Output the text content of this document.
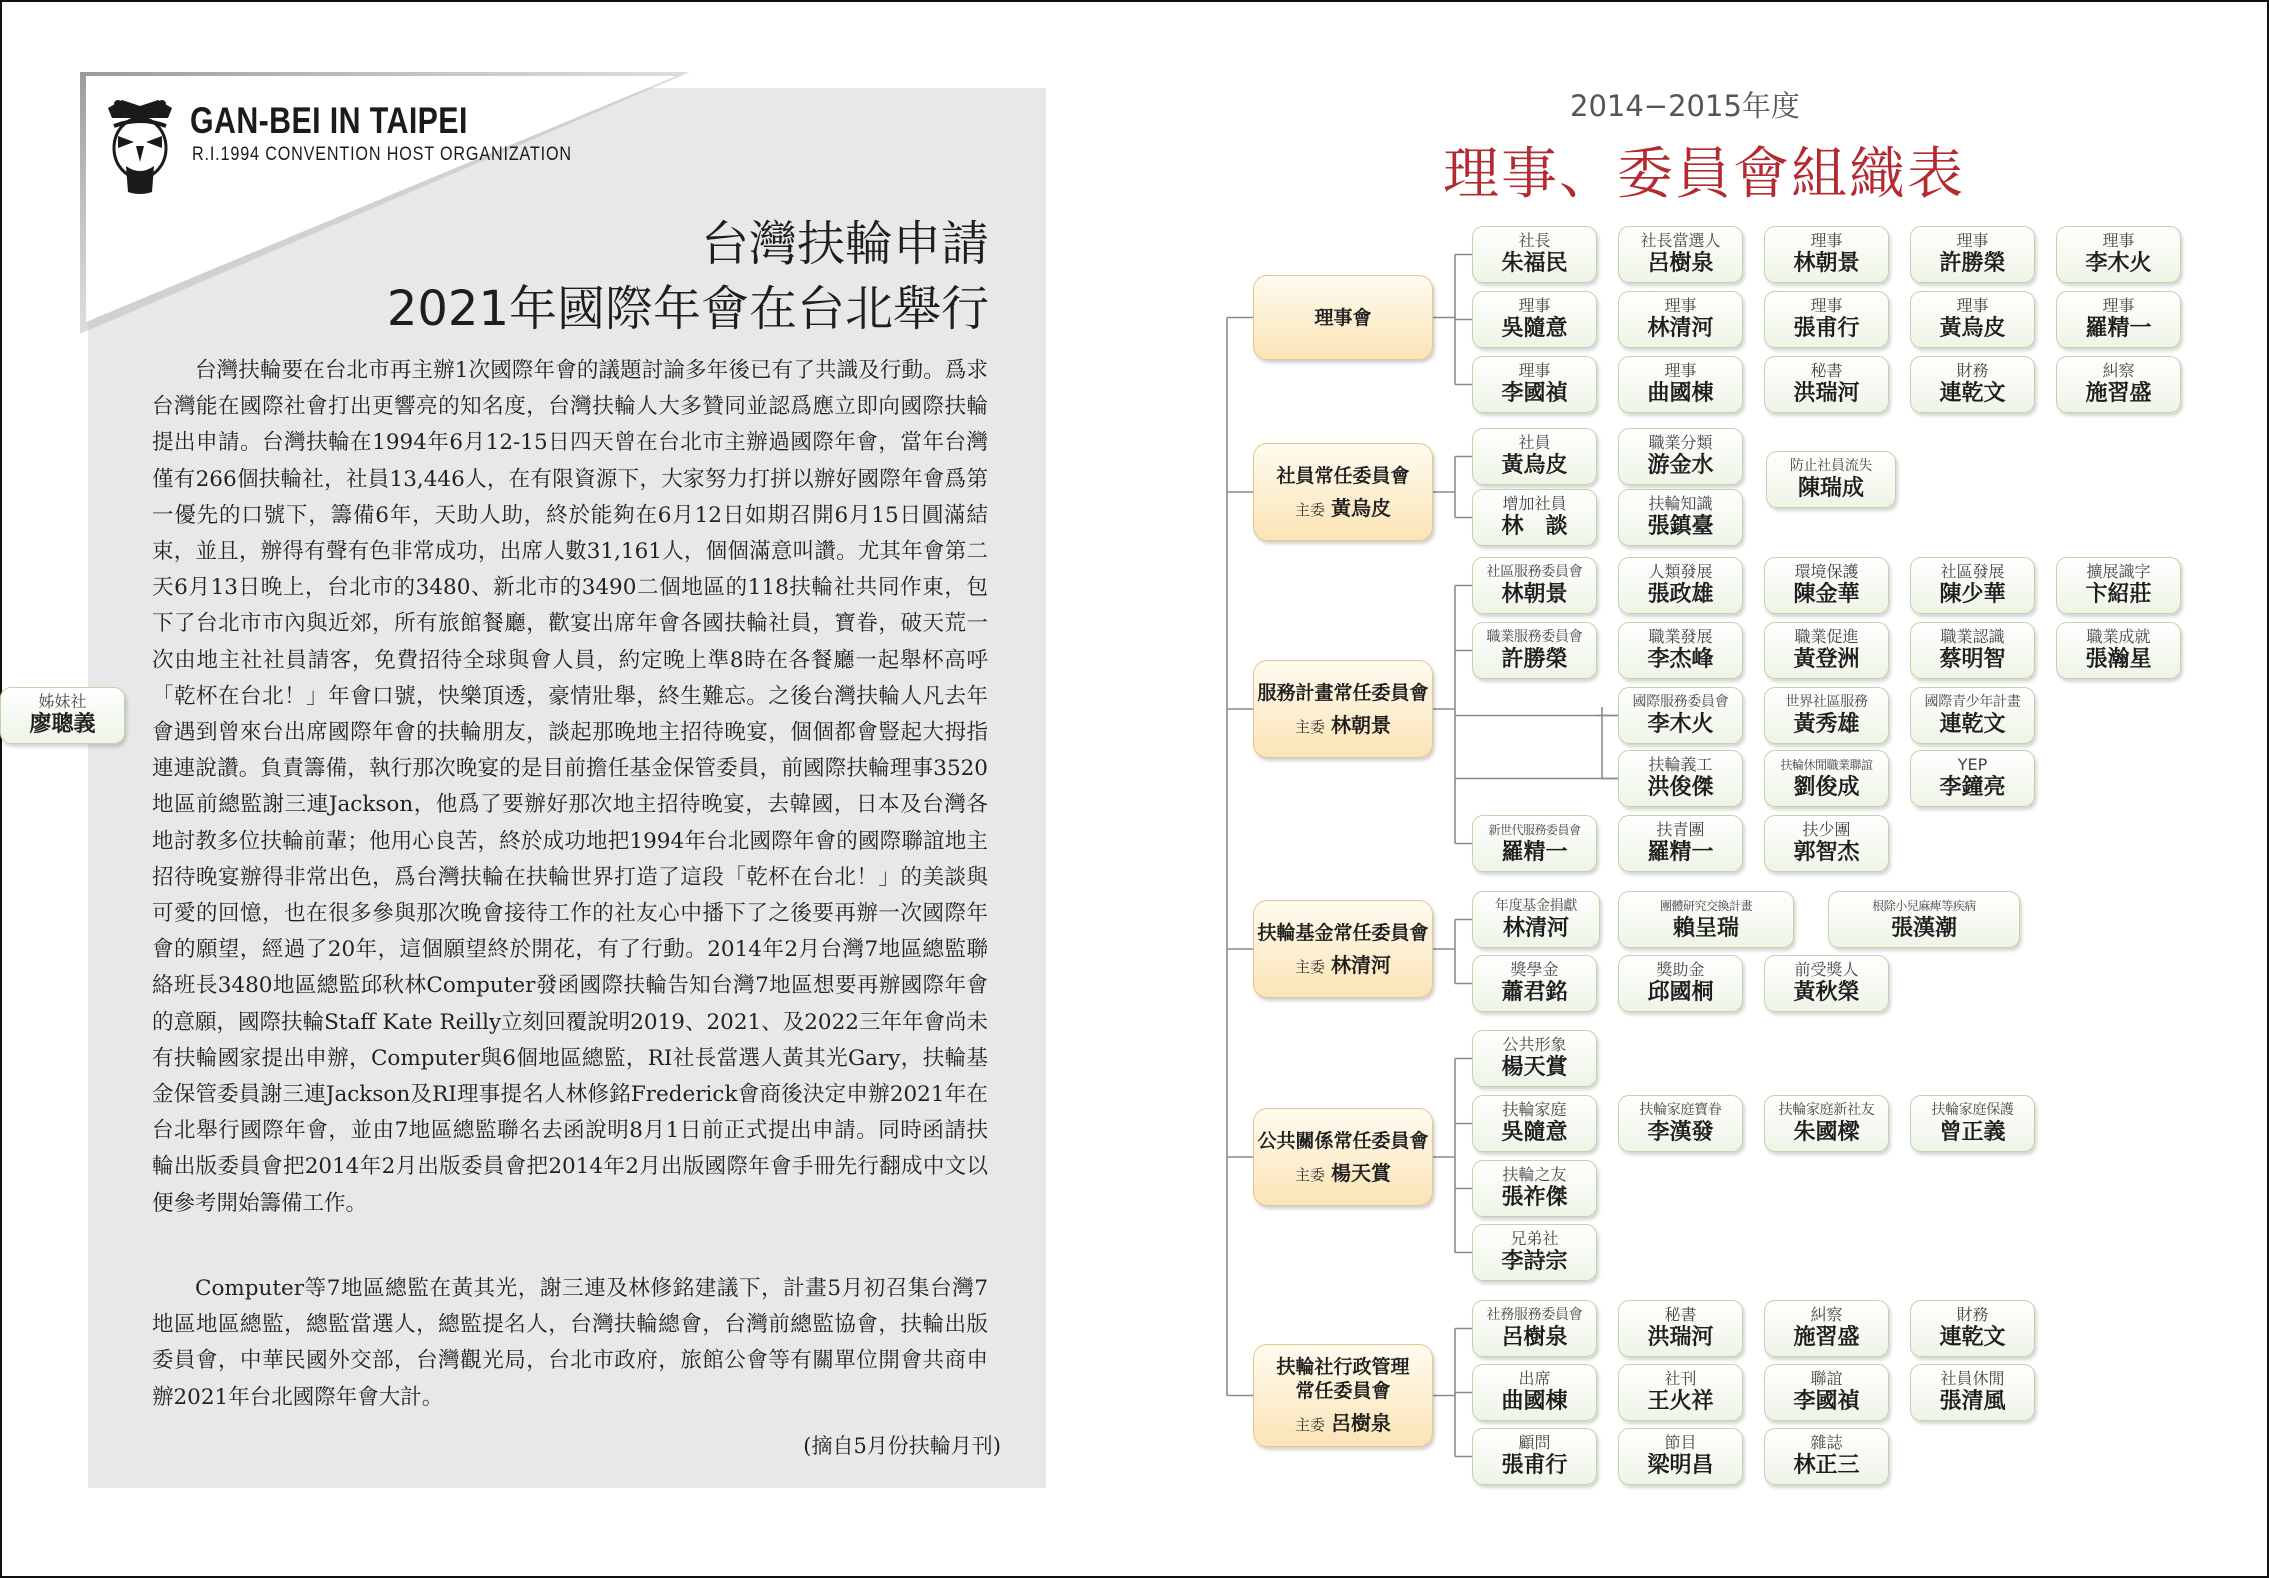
GAN-BEI IN TAIPEI
R.I.1994 CONVENTION HOST ORGANIZATION
台灣扶輪申請
2021年國際年會在台北舉行

台灣扶輪要在台北市再主辦1次國際年會的議題討論多年後已有了共識及行動。爲求台灣能在國際社會打出更響亮的知名度，台灣扶輪人大多贊同並認爲應立即向國際扶輪提出申請。台灣扶輪在1994年6月12-15日四天曾在台北市主辦過國際年會，當年台灣僅有266個扶輪社，社員13,446人，在有限資源下，大家努力打拼以辦好國際年會爲第一優先的口號下，籌備6年，天助人助，終於能夠在6月12日如期召開6月15日圓滿結束，並且，辦得有聲有色非常成功，出席人數31,161人，個個滿意叫讚。尤其年會第二天6月13日晚上，台北市的3480、新北市的3490二個地區的118扶輪社共同作東，包下了台北市市內與近郊，所有旅館餐廳，歡宴出席年會各國扶輪社員，寶眷，破天荒一次由地主社社員請客，免費招待全球與會人員，約定晚上準8時在各餐廳一起舉杯高呼「乾杯在台北！」年會口號，快樂頂透，豪情壯舉，終生難忘。之後台灣扶輪人凡去年會遇到曾來台出席國際年會的扶輪朋友，談起那晚地主招待晚宴，個個都會豎起大拇指連連說讚。負責籌備，執行那次晚宴的是目前擔任基金保管委員，前國際扶輪理事3520地區前總監謝三連Jackson，他爲了要辦好那次地主招待晚宴，去韓國，日本及台灣各地討教多位扶輪前輩；他用心良苦，終於成功地把1994年台北國際年會的國際聯誼地主招待晚宴辦得非常出色，爲台灣扶輪在扶輪世界打造了這段「乾杯在台北！」的美談與可愛的回憶，也在很多參與那次晚會接待工作的社友心中播下了之後要再辦一次國際年會的願望，經過了20年，這個願望終於開花，有了行動。2014年2月台灣7地區總監聯絡班長3480地區總監邱秋林Computer發函國際扶輪告知台灣7地區想要再辦國際年會的意願，國際扶輪Staff Kate Reilly立刻回覆說明2019、2021、及2022三年年會尚未有扶輪國家提出申辦，Computer與6個地區總監，RI社長當選人黃其光Gary，扶輪基金保管委員謝三連Jackson及RI理事提名人林修銘Frederick會商後決定申辦2021年在台北舉行國際年會，並由7地區總監聯名去函說明8月1日前正式提出申請。同時函請扶輪出版委員會把2014年2月出版委員會把2014年2月出版國際年會手冊先行翻成中文以便參考開始籌備工作。

Computer等7地區總監在黃其光，謝三連及林修銘建議下，計畫5月初召集台灣7地區地區總監，總監當選人，總監提名人，台灣扶輪總會，台灣前總監協會，扶輪出版委員會，中華民國外交部，台灣觀光局，台北市政府，旅館公會等有關單位開會共商申辦2021年台北國際年會大計。

(摘自5月份扶輪月刊)
2014−2015年度
理事、委員會組織表
理事會
社長
朱福民
社長當選人
呂樹泉
理事
林朝景
理事
許勝榮
理事
李木火
理事
吳隨意
理事
林清河
理事
張甫行
理事
黃烏皮
理事
羅精一
理事
李國禎
理事
曲國棟
秘書
洪瑞河
財務
連乾文
糾察
施習盛
社員常任委員會
主委 黃烏皮
社員
黃烏皮
職業分類
游金水
增加社員
林　談
扶輪知識
張鎮臺
防止社員流失
陳瑞成
服務計畫常任委員會
主委 林朝景
社區服務委員會
林朝景
人類發展
張政雄
環境保護
陳金華
社區發展
陳少華
擴展識字
卞紹莊
職業服務委員會
許勝榮
職業發展
李杰峰
職業促進
黃登洲
職業認識
蔡明智
職業成就
張瀚星
國際服務委員會
李木火
世界社區服務
黃秀雄
國際青少年計畫
連乾文
姊妹社
廖聰義
扶輪義工
洪俊傑
扶輪休閒職業聯誼
劉俊成
YEP
李鐘亮
新世代服務委員會
羅精一
扶青團
羅精一
扶少團
郭智杰
扶輪基金常任委員會
主委 林清河
年度基金捐獻
林清河
團體研究交換計畫
賴呈瑞
根除小兒麻痺等疾病
張漢潮
獎學金
蕭君銘
獎助金
邱國桐
前受獎人
黃秋榮
公共關係常任委員會
主委 楊天賞
公共形象
楊天賞
扶輪家庭
吳隨意
扶輪家庭寶眷
李漢發
扶輪家庭新社友
朱國樑
扶輪家庭保護
曾正義
扶輪之友
張祚傑
兄弟社
李詩宗
扶輪社行政管理
常任委員會
主委 呂樹泉
社務服務委員會
呂樹泉
秘書
洪瑞河
糾察
施習盛
財務
連乾文
出席
曲國棟
社刊
王火祥
聯誼
李國禎
社員休閒
張清風
顧問
張甫行
節目
梁明昌
雜誌
林正三
